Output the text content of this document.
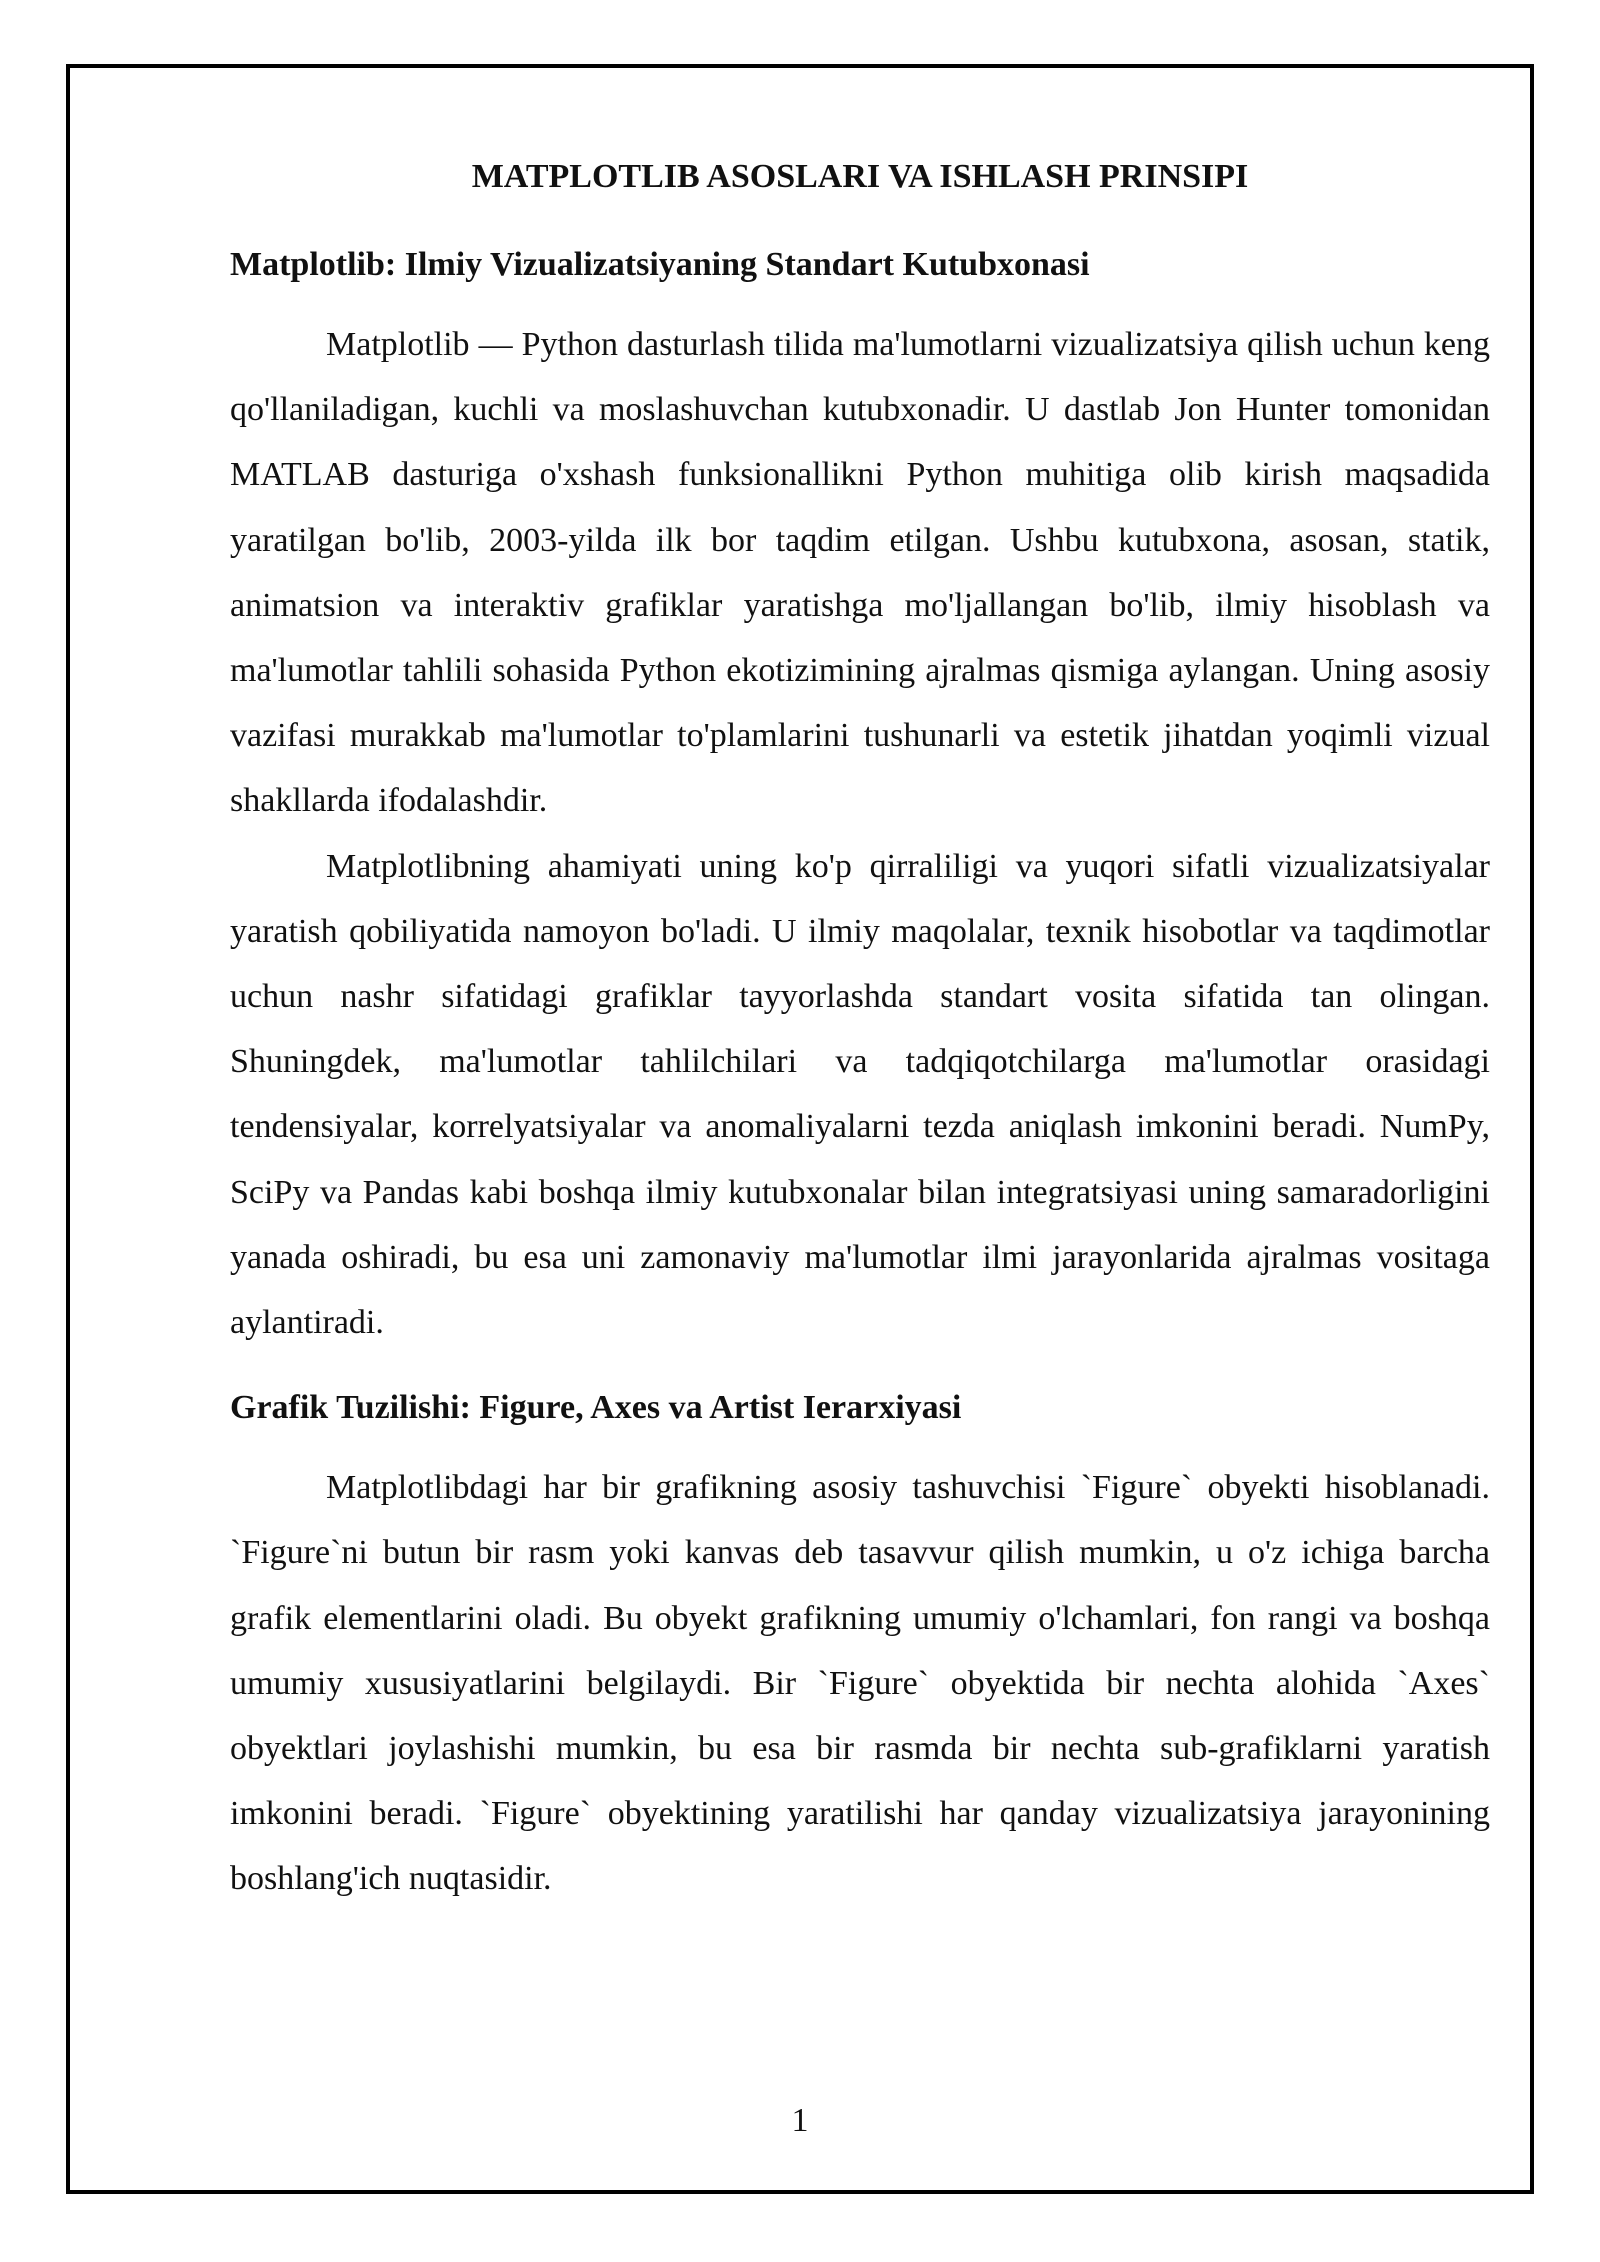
MATPLOTLIB ASOSLARI VA ISHLASH PRINSIPI
Matplotlib: Ilmiy Vizualizatsiyaning Standart Kutubxonasi

Matplotlib — Python dasturlash tilida ma'lumotlarni vizualizatsiya qilish uchun keng qo'llaniladigan, kuchli va moslashuvchan kutubxonadir. U dastlab Jon Hunter tomonidan MATLAB dasturiga o'xshash funksionallikni Python muhitiga olib kirish maqsadida yaratilgan bo'lib, 2003-yilda ilk bor taqdim etilgan. Ushbu kutubxona, asosan, statik, animatsion va interaktiv grafiklar yaratishga mo'ljallangan bo'lib, ilmiy hisoblash va ma'lumotlar tahlili sohasida Python ekotizimining ajralmas qismiga aylangan. Uning asosiy vazifasi murakkab ma'lumotlar to'plamlarini tushunarli va estetik jihatdan yoqimli vizual shakllarda ifodalashdir.

Matplotlibning ahamiyati uning ko'p qirraliligi va yuqori sifatli vizualizatsiyalar yaratish qobiliyatida namoyon bo'ladi. U ilmiy maqolalar, texnik hisobotlar va taqdimotlar uchun nashr sifatidagi grafiklar tayyorlashda standart vosita sifatida tan olingan. Shuningdek, ma'lumotlar tahlilchilari va tadqiqotchilarga ma'lumotlar orasidagi tendensiyalar, korrelyatsiyalar va anomaliyalarni tezda aniqlash imkonini beradi. NumPy, SciPy va Pandas kabi boshqa ilmiy kutubxonalar bilan integratsiyasi uning samaradorligini yanada oshiradi, bu esa uni zamonaviy ma'lumotlar ilmi jarayonlarida ajralmas vositaga aylantiradi.

Grafik Tuzilishi: Figure, Axes va Artist Ierarxiyasi

Matplotlibdagi har bir grafikning asosiy tashuvchisi `Figure` obyekti hisoblanadi. `Figure`ni butun bir rasm yoki kanvas deb tasavvur qilish mumkin, u o'z ichiga barcha grafik elementlarini oladi. Bu obyekt grafikning umumiy o'lchamlari, fon rangi va boshqa umumiy xususiyatlarini belgilaydi. Bir `Figure` obyektida bir nechta alohida `Axes` obyektlari joylashishi mumkin, bu esa bir rasmda bir nechta sub-grafiklarni yaratish imkonini beradi. `Figure` obyektining yaratilishi har qanday vizualizatsiya jarayonining boshlang'ich nuqtasidir.

1
